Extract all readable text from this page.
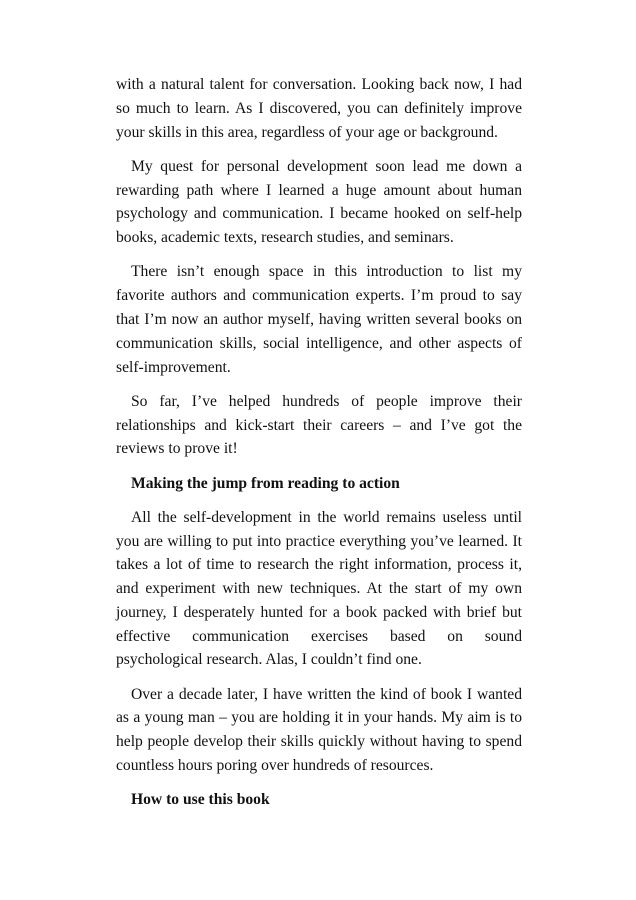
with a natural talent for conversation. Looking back now, I had so much to learn. As I discovered, you can definitely improve your skills in this area, regardless of your age or background.

My quest for personal development soon lead me down a rewarding path where I learned a huge amount about human psychology and communication. I became hooked on self-help books, academic texts, research studies, and seminars.

There isn’t enough space in this introduction to list my favorite authors and communication experts. I’m proud to say that I’m now an author myself, having written several books on communication skills, social intelligence, and other aspects of self-improvement.

So far, I’ve helped hundreds of people improve their relationships and kick-start their careers – and I’ve got the reviews to prove it!

Making the jump from reading to action

All the self-development in the world remains useless until you are willing to put into practice everything you’ve learned. It takes a lot of time to research the right information, process it, and experiment with new techniques. At the start of my own journey, I desperately hunted for a book packed with brief but effective communication exercises based on sound psychological research. Alas, I couldn’t find one.

Over a decade later, I have written the kind of book I wanted as a young man – you are holding it in your hands. My aim is to help people develop their skills quickly without having to spend countless hours poring over hundreds of resources.

How to use this book
